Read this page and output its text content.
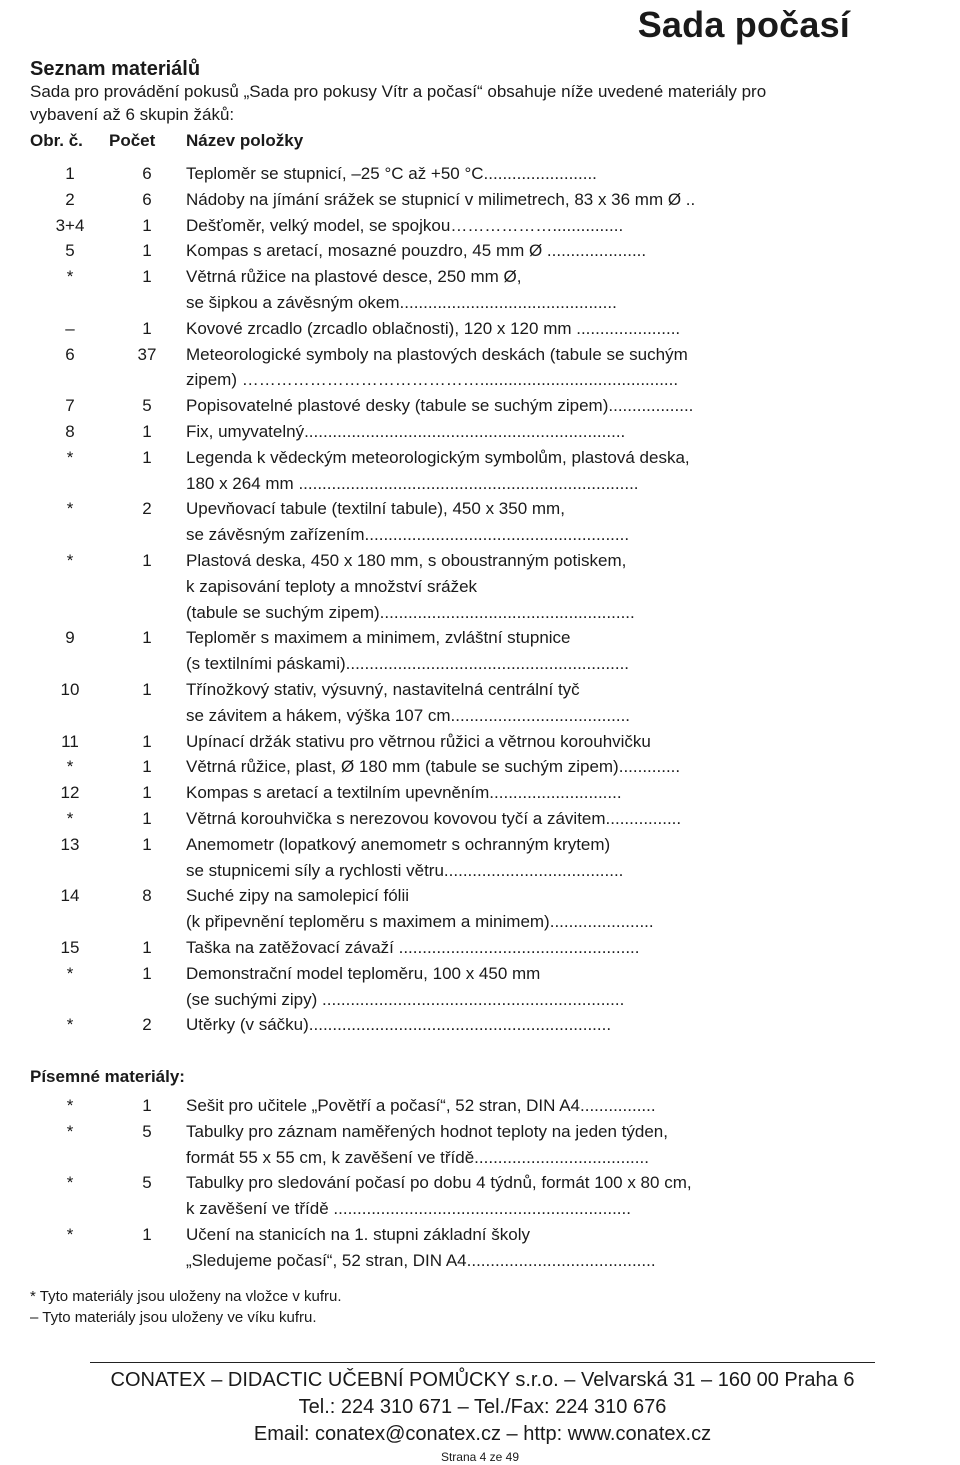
Sada počasí
Seznam materiálů
Sada pro provádění pokusů „Sada pro pokusy Vítr a počasí“ obsahuje níže uvedené materiály pro vybavení až 6 skupin žáků:
Obr. č. Počet Název položky
1	6	Teploměr se stupnicí, –25 °C až +50 °C........................
2	6	Nádoby na jímání srážek se stupnicí v milimetrech, 83 x 36 mm Ø ..
3+4	1	Dešťoměr, velký model, se spojkou………………...............
5	1	Kompas s aretací, mosazné pouzdro, 45 mm Ø .....................
*	1	Větrná růžice na plastové desce, 250 mm Ø,
se šipkou a závěsným okem..............................................
–	1	Kovové zrcadlo (zrcadlo oblačnosti), 120 x 120 mm ......................
6	37	Meteorologické symboly na plastových deskách (tabule se suchým
zipem) ……………………………………..........................................
7	5	Popisovatelné plastové desky (tabule se suchým zipem)..................
8	1	Fix, umyvatelný....................................................................
*	1	Legenda k vědeckým meteorologickým symbolům, plastová deska,
180 x 264 mm ........................................................................
*	2	Upevňovací tabule (textilní tabule), 450 x 350 mm,
se závěsným zařízením........................................................
*	1	Plastová deska, 450 x 180 mm, s oboustranným potiskem,
k zapisování teploty a množství srážek
(tabule se suchým zipem)......................................................
9	1	Teploměr s maximem a minimem, zvláštní stupnice
(s textilními páskami)............................................................
10	1	Třínožkový stativ, výsuvný, nastavitelná centrální tyč
se závitem a hákem, výška 107 cm......................................
11	1	Upínací držák stativu pro větrnou růžici a větrnou korouhvičku
*	1	Větrná růžice, plast, Ø 180 mm (tabule se suchým zipem).............
12	1	Kompas s aretací a textilním upevněním............................
*	1	Větrná korouhvička s nerezovou kovovou tyčí a závitem................
13	1	Anemometr (lopatkový anemometr s ochranným krytem)
se stupnicemi síly a rychlosti větru......................................
14	8	Suché zipy na samolepicí fólii
(k připevnění teploměru s maximem a minimem)......................
15	1	Taška na zatěžovací závaží ...................................................
*	1	Demonstrační model teploměru, 100 x 450 mm
(se suchými zipy) ................................................................
*	2	Utěrky (v sáčku)................................................................
Písemné materiály:
*	1	Sešit pro učitele „Povětří a počasí“, 52 stran, DIN A4................
*	5	Tabulky pro záznam naměřených hodnot teploty na jeden týden,
formát 55 x 55 cm, k zavěšení ve třídě.....................................
*	5	Tabulky pro sledování počasí po dobu 4 týdnů, formát 100 x 80 cm,
k zavěšení ve třídě ...............................................................
*	1	Učení na stanicích na 1. stupni základní školy
„Sledujeme počasí“, 52 stran, DIN A4........................................
* Tyto materiály jsou uloženy na vložce v kufru.
– Tyto materiály jsou uloženy ve víku kufru.
CONATEX – DIDACTIC UČEBNÍ POMŮCKY s.r.o. – Velvarská 31 – 160 00 Praha 6
Tel.: 224 310 671 – Tel./Fax: 224 310 676
Email: conatex@conatex.cz – http: www.conatex.cz
Strana 4 ze 49
